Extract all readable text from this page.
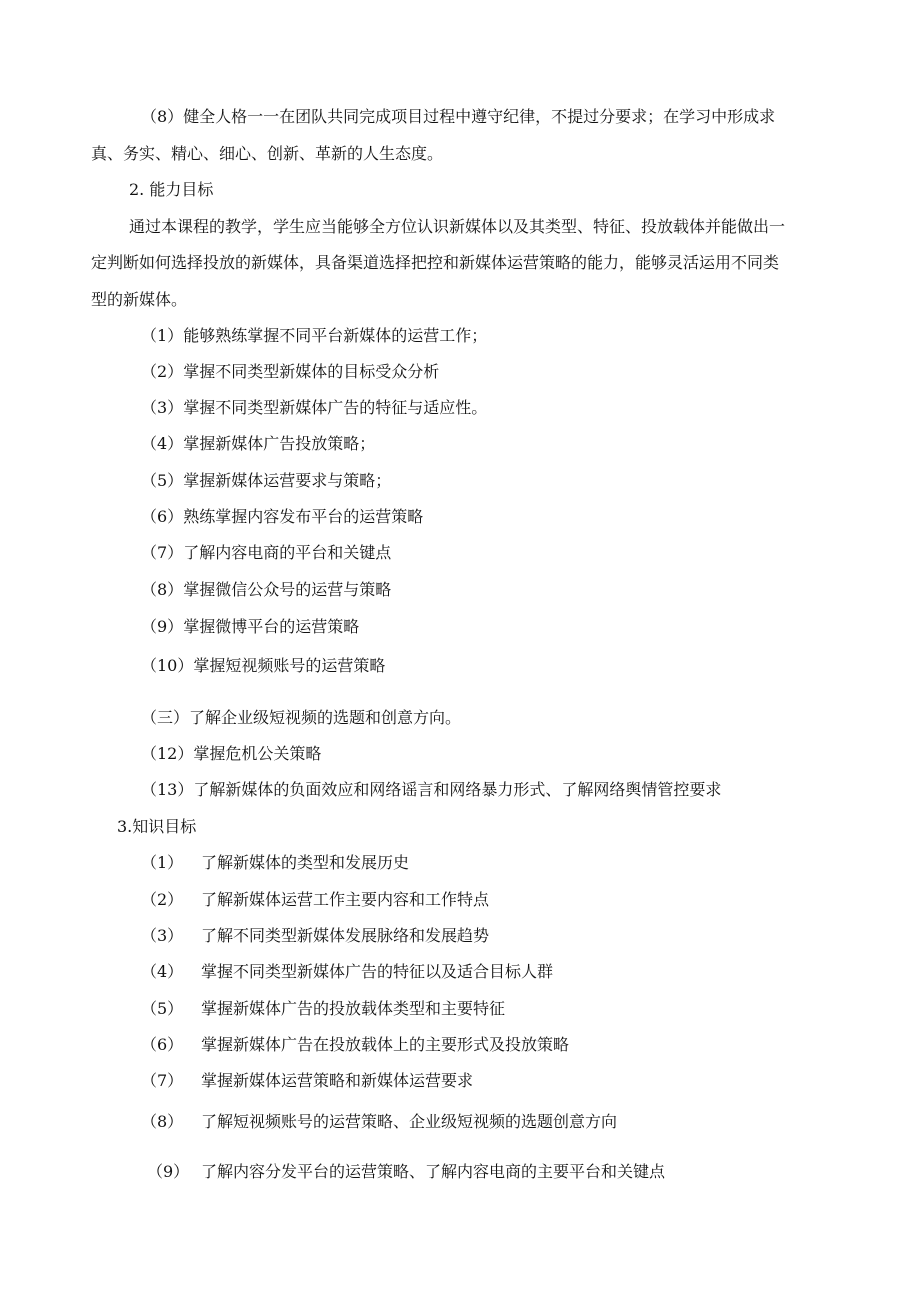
（8）健全人格一一在团队共同完成项目过程中遵守纪律，不提过分要求；在学习中形成求
真、务实、精心、细心、创新、革新的人生态度。
2. 能力目标
通过本课程的教学，学生应当能够全方位认识新媒体以及其类型、特征、投放载体并能做出一
定判断如何选择投放的新媒体，具备渠道选择把控和新媒体运营策略的能力，能够灵活运用不同类
型的新媒体。
（1）能够熟练掌握不同平台新媒体的运营工作；
（2）掌握不同类型新媒体的目标受众分析
（3）掌握不同类型新媒体广告的特征与适应性。
（4）掌握新媒体广告投放策略；
（5）掌握新媒体运营要求与策略；
（6）熟练掌握内容发布平台的运营策略
（7）了解内容电商的平台和关键点
（8）掌握微信公众号的运营与策略
（9）掌握微博平台的运营策略
（10）掌握短视频账号的运营策略
（三）了解企业级短视频的选题和创意方向。
（12）掌握危机公关策略
（13）了解新媒体的负面效应和网络谣言和网络暴力形式、了解网络舆情管控要求
3.知识目标
（1） 了解新媒体的类型和发展历史
（2） 了解新媒体运营工作主要内容和工作特点
（3） 了解不同类型新媒体发展脉络和发展趋势
（4） 掌握不同类型新媒体广告的特征以及适合目标人群
（5） 掌握新媒体广告的投放载体类型和主要特征
（6） 掌握新媒体广告在投放载体上的主要形式及投放策略
（7） 掌握新媒体运营策略和新媒体运营要求
（8） 了解短视频账号的运营策略、企业级短视频的选题创意方向
（9） 了解内容分发平台的运营策略、了解内容电商的主要平台和关键点
